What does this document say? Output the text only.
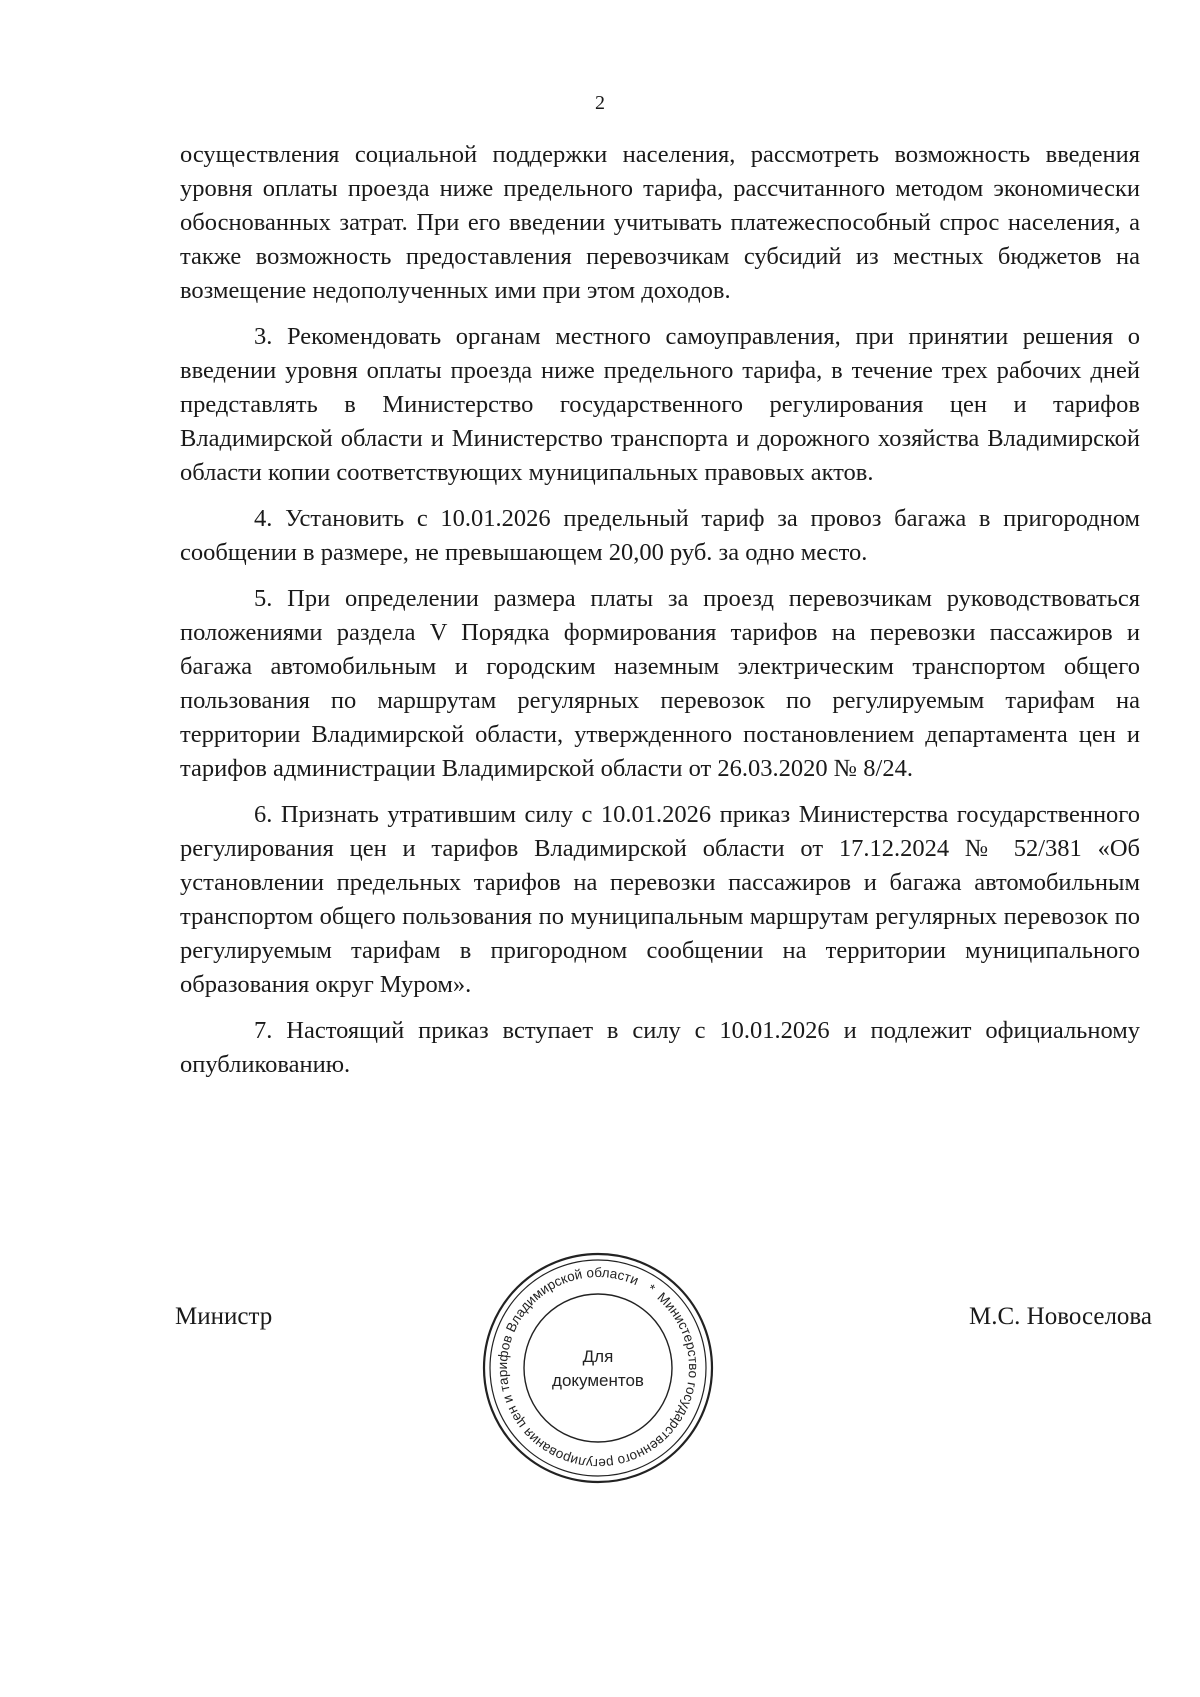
2

осуществления социальной поддержки населения, рассмотреть возможность введения уровня оплаты проезда ниже предельного тарифа, рассчитанного методом экономически обоснованных затрат. При его введении учитывать платежеспособный спрос населения, а также возможность предоставления перевозчикам субсидий из местных бюджетов на возмещение недополученных ими при этом доходов.

3. Рекомендовать органам местного самоуправления, при принятии решения о введении уровня оплаты проезда ниже предельного тарифа, в течение трех рабочих дней представлять в Министерство государственного регулирования цен и тарифов Владимирской области и Министерство транспорта и дорожного хозяйства Владимирской области копии соответствующих муниципальных правовых актов.

4. Установить с 10.01.2026 предельный тариф за провоз багажа в пригородном сообщении в размере, не превышающем 20,00 руб. за одно место.

5. При определении размера платы за проезд перевозчикам руководствоваться положениями раздела V Порядка формирования тарифов на перевозки пассажиров и багажа автомобильным и городским наземным электрическим транспортом общего пользования по маршрутам регулярных перевозок по регулируемым тарифам на территории Владимирской области, утвержденного постановлением департамента цен и тарифов администрации Владимирской области от 26.03.2020 № 8/24.

6. Признать утратившим силу с 10.01.2026 приказ Министерства государственного регулирования цен и тарифов Владимирской области от 17.12.2024 № 52/381 «Об установлении предельных тарифов на перевозки пассажиров и багажа автомобильным транспортом общего пользования по муниципальным маршрутам регулярных перевозок по регулируемым тарифам в пригородном сообщении на территории муниципального образования округ Муром».

7. Настоящий приказ вступает в силу с 10.01.2026 и подлежит официальному опубликованию.

Министр	М.С. Новоселова
Министерство государственного регулирования цен и тарифов Владимирской области *
Для
документов
